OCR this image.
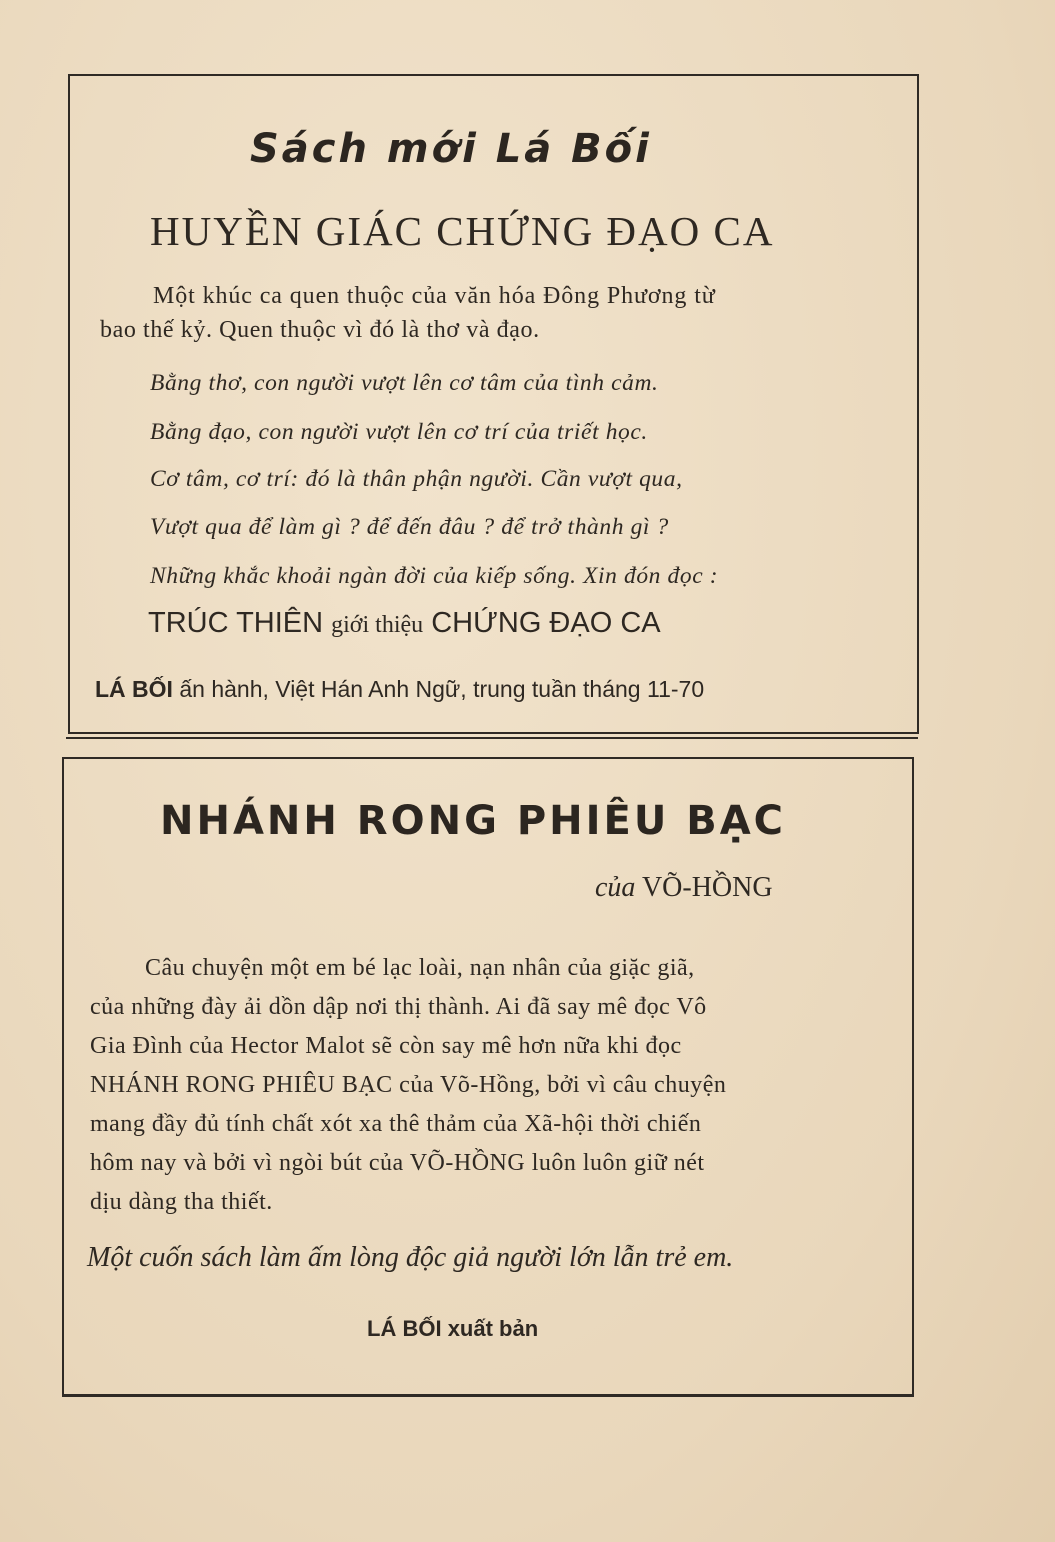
Sách mới Lá Bối

HUYỀN GIÁC CHỨNG ĐẠO CA

Một khúc ca quen thuộc của văn hóa Đông Phương từ

bao thế kỷ. Quen thuộc vì đó là thơ và đạo.

Bằng thơ, con người vượt lên cơ tâm của tình cảm.

Bằng đạo, con người vượt lên cơ trí của triết học.

Cơ tâm, cơ trí: đó là thân phận người. Cần vượt qua,

Vượt qua để làm gì ? để đến đâu ? để trở thành gì ?

Những khắc khoải ngàn đời của kiếp sống. Xin đón đọc :

TRÚC THIÊN giới thiệu CHỨNG ĐẠO CA

LÁ BỐI ấn hành, Việt Hán Anh Ngữ, trung tuần tháng 11-70

NHÁNH RONG PHIÊU BẠC

của VÕ-HỒNG

Câu chuyện một em bé lạc loài, nạn nhân của giặc giã,

của những đày ải dồn dập nơi thị thành. Ai đã say mê đọc Vô

Gia Đình của Hector Malot sẽ còn say mê hơn nữa khi đọc

NHÁNH RONG PHIÊU BẠC của Võ-Hồng, bởi vì câu chuyện

mang đầy đủ tính chất xót xa thê thảm của Xã-hội thời chiến

hôm nay và bởi vì ngòi bút của VÕ-HỒNG luôn luôn giữ nét

dịu dàng tha thiết.

Một cuốn sách làm ấm lòng độc giả người lớn lẫn trẻ em.

LÁ BỐI xuất bản
